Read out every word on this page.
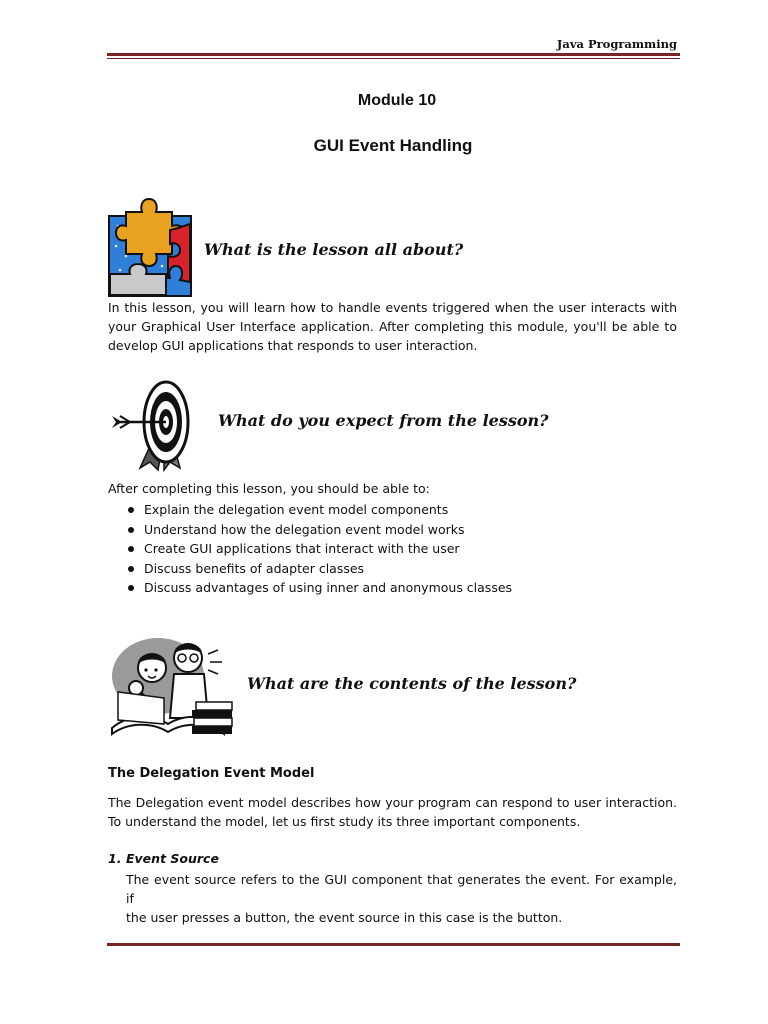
Java Programming
Module 10
GUI Event Handling
What is the lesson all about?
In this lesson, you will learn how to handle events triggered when the user interacts with
your Graphical User Interface application. After completing this module, you'll be able to
develop GUI applications that responds to user interaction.
What do you expect from the lesson?
After completing this lesson, you should be able to:
Explain the delegation event model components
Understand how the delegation event model works
Create GUI applications that interact with the user
Discuss benefits of adapter classes
Discuss advantages of using inner and anonymous classes
What are the contents of the lesson?
The Delegation Event Model
The Delegation event model describes how your program can respond to user interaction.
To understand the model, let us first study its three important components.
1. Event Source
The event source refers to the GUI component that generates the event. For example, if
the user presses a button, the event source in this case is the button.
